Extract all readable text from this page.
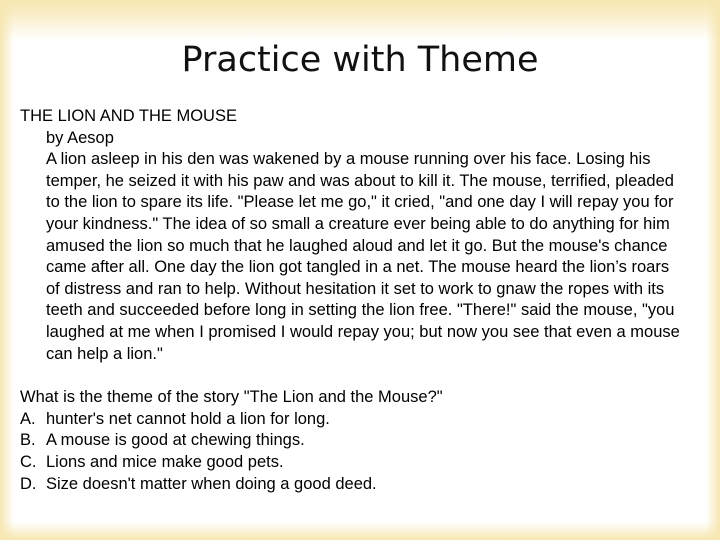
Practice with Theme

THE LION AND THE MOUSE

by Aesop

A lion asleep in his den was wakened by a mouse running over his face. Losing his temper, he seized it with his paw and was about to kill it. The mouse, terrified, pleaded to the lion to spare its life. "Please let me go," it cried, "and one day I will repay you for your kindness." The idea of so small a creature ever being able to do anything for him amused the lion so much that he laughed aloud and let it go. But the mouse's chance came after all. One day the lion got tangled in a net. The mouse heard the lion’s roars of distress and ran to help. Without hesitation it set to work to gnaw the ropes with its teeth and succeeded before long in setting the lion free. "There!" said the mouse, "you laughed at me when I promised I would repay you; but now you see that even a mouse can help a lion."

What is the theme of the story "The Lion and the Mouse?"

A. hunter's net cannot hold a lion for long.
B. A mouse is good at chewing things.
C. Lions and mice make good pets.
D. Size doesn't matter when doing a good deed.
